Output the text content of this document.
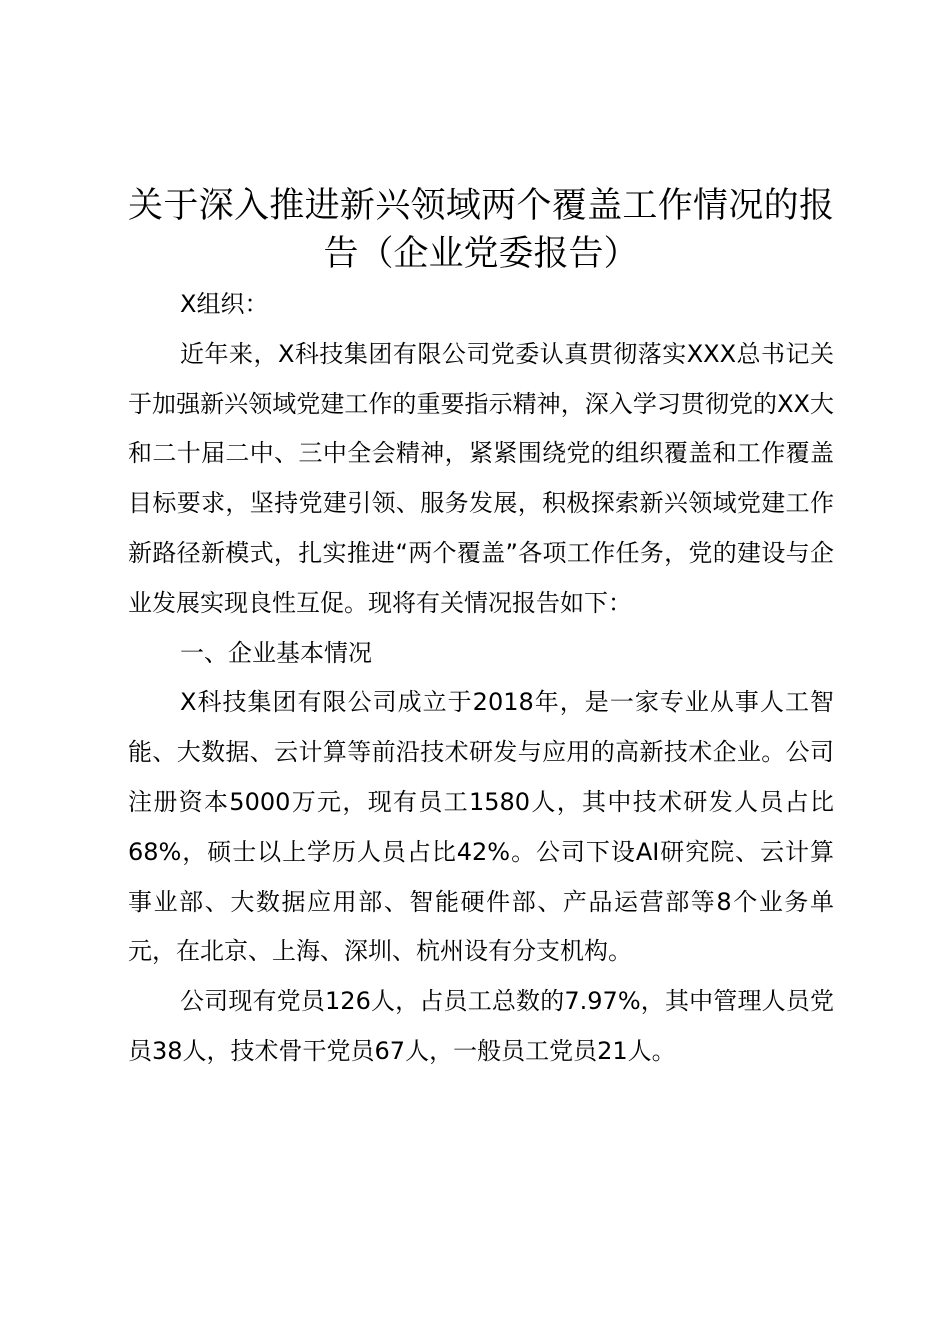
关于深入推进新兴领域两个覆盖工作情况的报告（企业党委报告）

X组织：

近年来，X科技集团有限公司党委认真贯彻落实XXX总书记关于加强新兴领域党建工作的重要指示精神，深入学习贯彻党的XX大和二十届二中、三中全会精神，紧紧围绕党的组织覆盖和工作覆盖目标要求，坚持党建引领、服务发展，积极探索新兴领域党建工作新路径新模式，扎实推进“两个覆盖”各项工作任务，党的建设与企业发展实现良性互促。现将有关情况报告如下：

一、企业基本情况

X科技集团有限公司成立于2018年，是一家专业从事人工智能、大数据、云计算等前沿技术研发与应用的高新技术企业。公司注册资本5000万元，现有员工1580人，其中技术研发人员占比68%，硕士以上学历人员占比42%。公司下设AI研究院、云计算事业部、大数据应用部、智能硬件部、产品运营部等8个业务单元，在北京、上海、深圳、杭州设有分支机构。

公司现有党员126人，占员工总数的7.97%，其中管理人员党员38人，技术骨干党员67人，一般员工党员21人。
